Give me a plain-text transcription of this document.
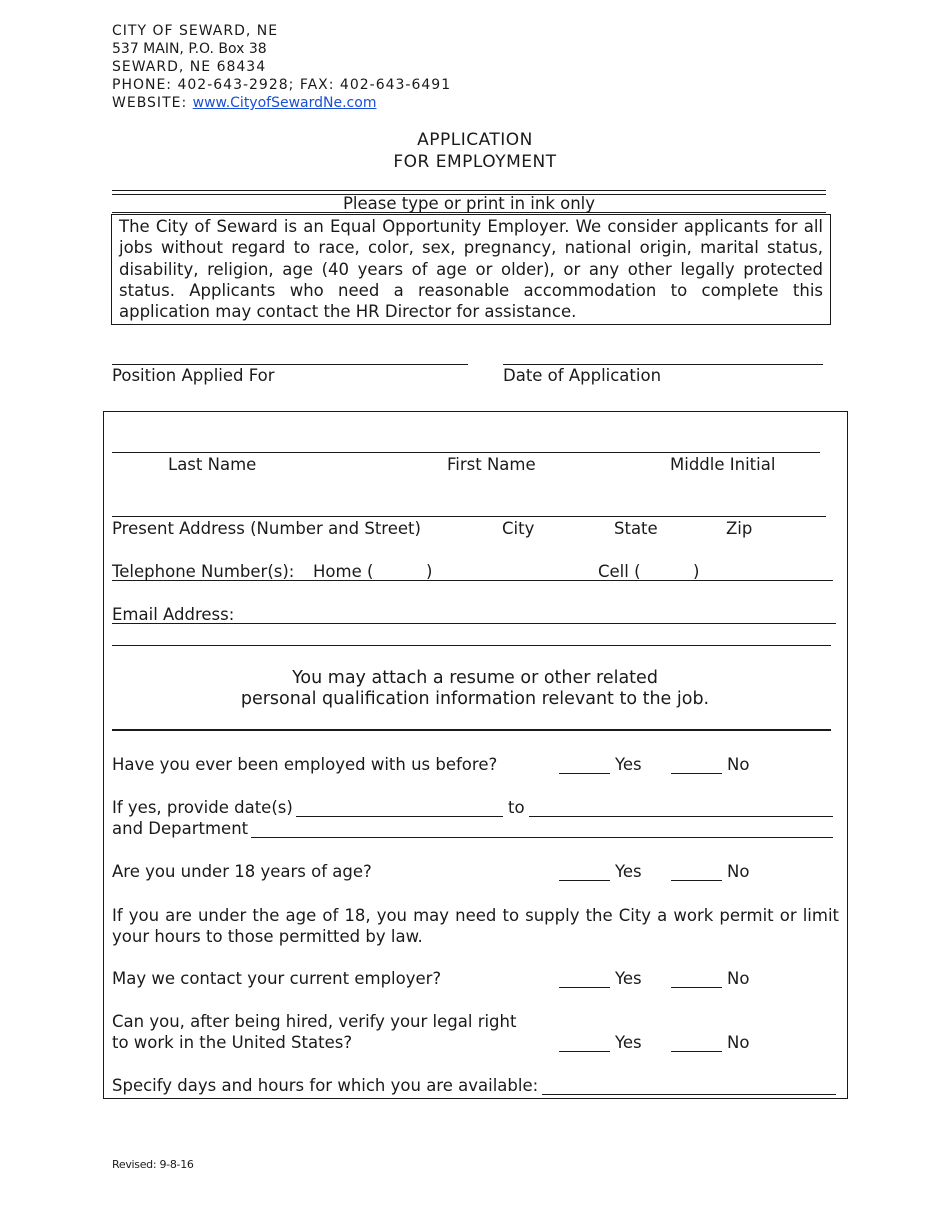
CITY OF SEWARD, NE
537 MAIN, P.O. Box 38
SEWARD, NE 68434
PHONE: 402-643-2928; FAX: 402-643-6491
WEBSITE: www.CityofSewardNe.com
APPLICATION
FOR EMPLOYMENT
Please type or print in ink only
The City of Seward is an Equal Opportunity Employer. We consider applicants for all jobs without regard to race, color, sex, pregnancy, national origin, marital status, disability, religion, age (40 years of age or older), or any other legally protected status. Applicants who need a reasonable accommodation to complete this application may contact the HR Director for assistance.
Position Applied For	Date of Application
Last Name	First Name	Middle Initial
Present Address (Number and Street)	City	State	Zip
Telephone Number(s): Home (	)	Cell (	)
Email Address:
You may attach a resume or other related
personal qualification information relevant to the job.
Have you ever been employed with us before?	Yes	No
If yes, provide date(s)	to
and Department
Are you under 18 years of age?	Yes	No
If you are under the age of 18, you may need to supply the City a work permit or limit your hours to those permitted by law.
May we contact your current employer?	Yes	No
Can you, after being hired, verify your legal right
to work in the United States?	Yes	No
Specify days and hours for which you are available:
Revised: 9-8-16
